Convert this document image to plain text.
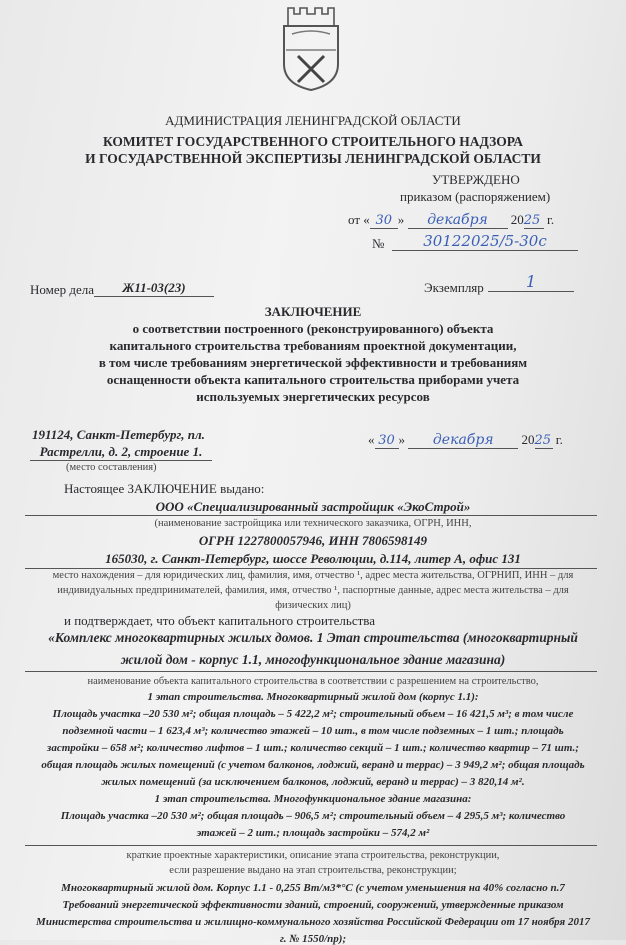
АДМИНИСТРАЦИЯ ЛЕНИНГРАДСКОЙ ОБЛАСТИ
КОМИТЕТ ГОСУДАРСТВЕННОГО СТРОИТЕЛЬНОГО НАДЗОРА
И ГОСУДАРСТВЕННОЙ ЭКСПЕРТИЗЫ ЛЕНИНГРАДСКОЙ ОБЛАСТИ
УТВЕРЖДЕНО
приказом (распоряжением)
от « 30 » декабря 2025 г.
№	30122025/5-30с
Номер дела	Ж11-03(23)	Экземпляр	1
ЗАКЛЮЧЕНИЕ
о соответствии построенного (реконструированного) объекта
капитального строительства требованиям проектной документации,
в том числе требованиям энергетической эффективности и требованиям
оснащенности объекта капитального строительства приборами учета
используемых энергетических ресурсов
191124, Санкт-Петербург, пл.
Растрелли, д. 2, строение 1.
(место составления)
« 30 » декабря 2025 г.
Настоящее ЗАКЛЮЧЕНИЕ выдано:
ООО «Специализированный застройщик «ЭкоСтрой»
(наименование застройщика или технического заказчика, ОГРН, ИНН,
ОГРН 1227800057946, ИНН 7806598149
165030, г. Санкт-Петербург, шоссе Революции, д.114, литер А, офис 131
место нахождения – для юридических лиц, фамилия, имя, отчество ¹, адрес места жительства, ОГРНИП, ИНН – для
индивидуальных предпринимателей, фамилия, имя, отчество ¹, паспортные данные, адрес места жительства – для
физических лиц)
и подтверждает, что объект капитального строительства
«Комплекс многоквартирных жилых домов. 1 Этап строительства (многоквартирный
жилой дом - корпус 1.1, многофункциональное здание магазина)
наименование объекта капитального строительства в соответствии с разрешением на строительство,
1 этап строительства. Многоквартирный жилой дом (корпус 1.1):
Площадь участка –20 530 м²; общая площадь – 5 422,2 м²; строительный объем – 16 421,5 м³; в том числе
подземной части – 1 623,4 м³; количество этажей – 10 шт., в том числе подземных – 1 шт.; площадь
застройки – 658 м²; количество лифтов – 1 шт.; количество секций – 1 шт.; количество квартир – 71 шт.;
общая площадь жилых помещений (с учетом балконов, лоджий, веранд и террас) – 3 949,2 м²; общая площадь
жилых помещений (за исключением балконов, лоджий, веранд и террас) – 3 820,14 м².
1 этап строительства. Многофункциональное здание магазина:
Площадь участка –20 530 м²; общая площадь – 906,5 м²; строительный объем – 4 295,5 м³; количество
этажей – 2 шт.; площадь застройки – 574,2 м²
краткие проектные характеристики, описание этапа строительства, реконструкции,
если разрешение выдано на этап строительства, реконструкции;
Многоквартирный жилой дом. Корпус 1.1 - 0,255 Вт/м3*°С (с учетом уменьшения на 40% согласно п.7
Требований энергетической эффективности зданий, строений, сооружений, утвержденные приказом
Министерства строительства и жилищно-коммунального хозяйства Российской Федерации от 17 ноября 2017
г. № 1550/пр);
